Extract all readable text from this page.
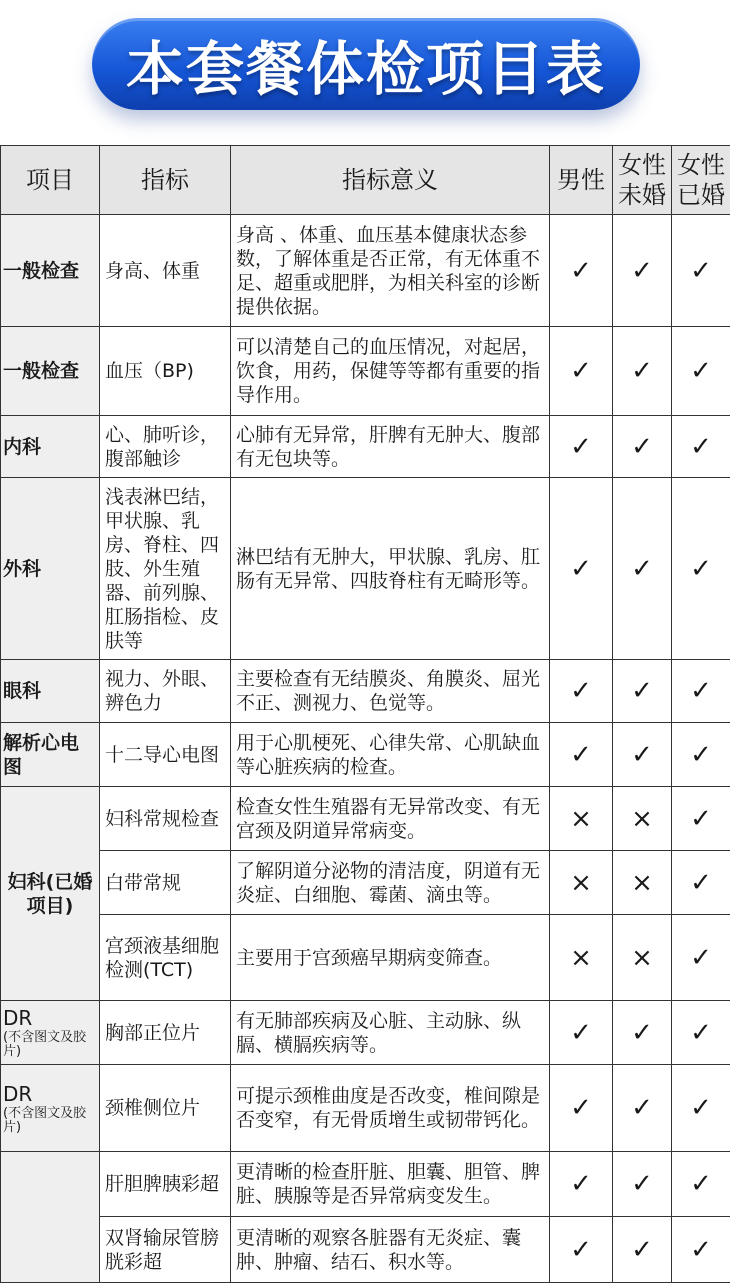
本套餐体检项目表
项目	指标	指标意义	男性	女性未婚	女性已婚
一般检查	身高、体重	身高 、体重、血压基本健康状态参数，了解体重是否正常，有无体重不足、超重或肥胖，为相关科室的诊断提供依据。	✓	✓	✓
一般检查	血压（BP)	可以清楚自己的血压情况，对起居，饮食，用药，保健等等都有重要的指导作用。	✓	✓	✓
内科	心、肺听诊，腹部触诊	心肺有无异常，肝脾有无肿大、腹部有无包块等。	✓	✓	✓
外科	浅表淋巴结，甲状腺、乳房、脊柱、四肢、外生殖器、前列腺、肛肠指检、皮肤等	淋巴结有无肿大，甲状腺、乳房、肛肠有无异常、四肢脊柱有无畸形等。	✓	✓	✓
眼科	视力、外眼、辨色力	主要检查有无结膜炎、角膜炎、屈光不正、测视力、色觉等。	✓	✓	✓
解析心电图	十二导心电图	用于心肌梗死、心律失常、心肌缺血等心脏疾病的检查。	✓	✓	✓
妇科(已婚项目)	妇科常规检查	检查女性生殖器有无异常改变、有无宫颈及阴道异常病变。	×	×	✓
	白带常规	了解阴道分泌物的清洁度，阴道有无炎症、白细胞、霉菌、滴虫等。	×	×	✓
	宫颈液基细胞检测(TCT)	主要用于宫颈癌早期病变筛查。	×	×	✓
DR(不含图文及胶片)	胸部正位片	有无肺部疾病及心脏、主动脉、纵膈、横膈疾病等。	✓	✓	✓
DR(不含图文及胶片)	颈椎侧位片	可提示颈椎曲度是否改变，椎间隙是否变窄，有无骨质增生或韧带钙化。	✓	✓	✓
	肝胆脾胰彩超	更清晰的检查肝脏、胆囊、胆管、脾脏、胰腺等是否异常病变发生。	✓	✓	✓
	双肾输尿管膀胱彩超	更清晰的观察各脏器有无炎症、囊肿、肿瘤、结石、积水等。	✓	✓	✓
